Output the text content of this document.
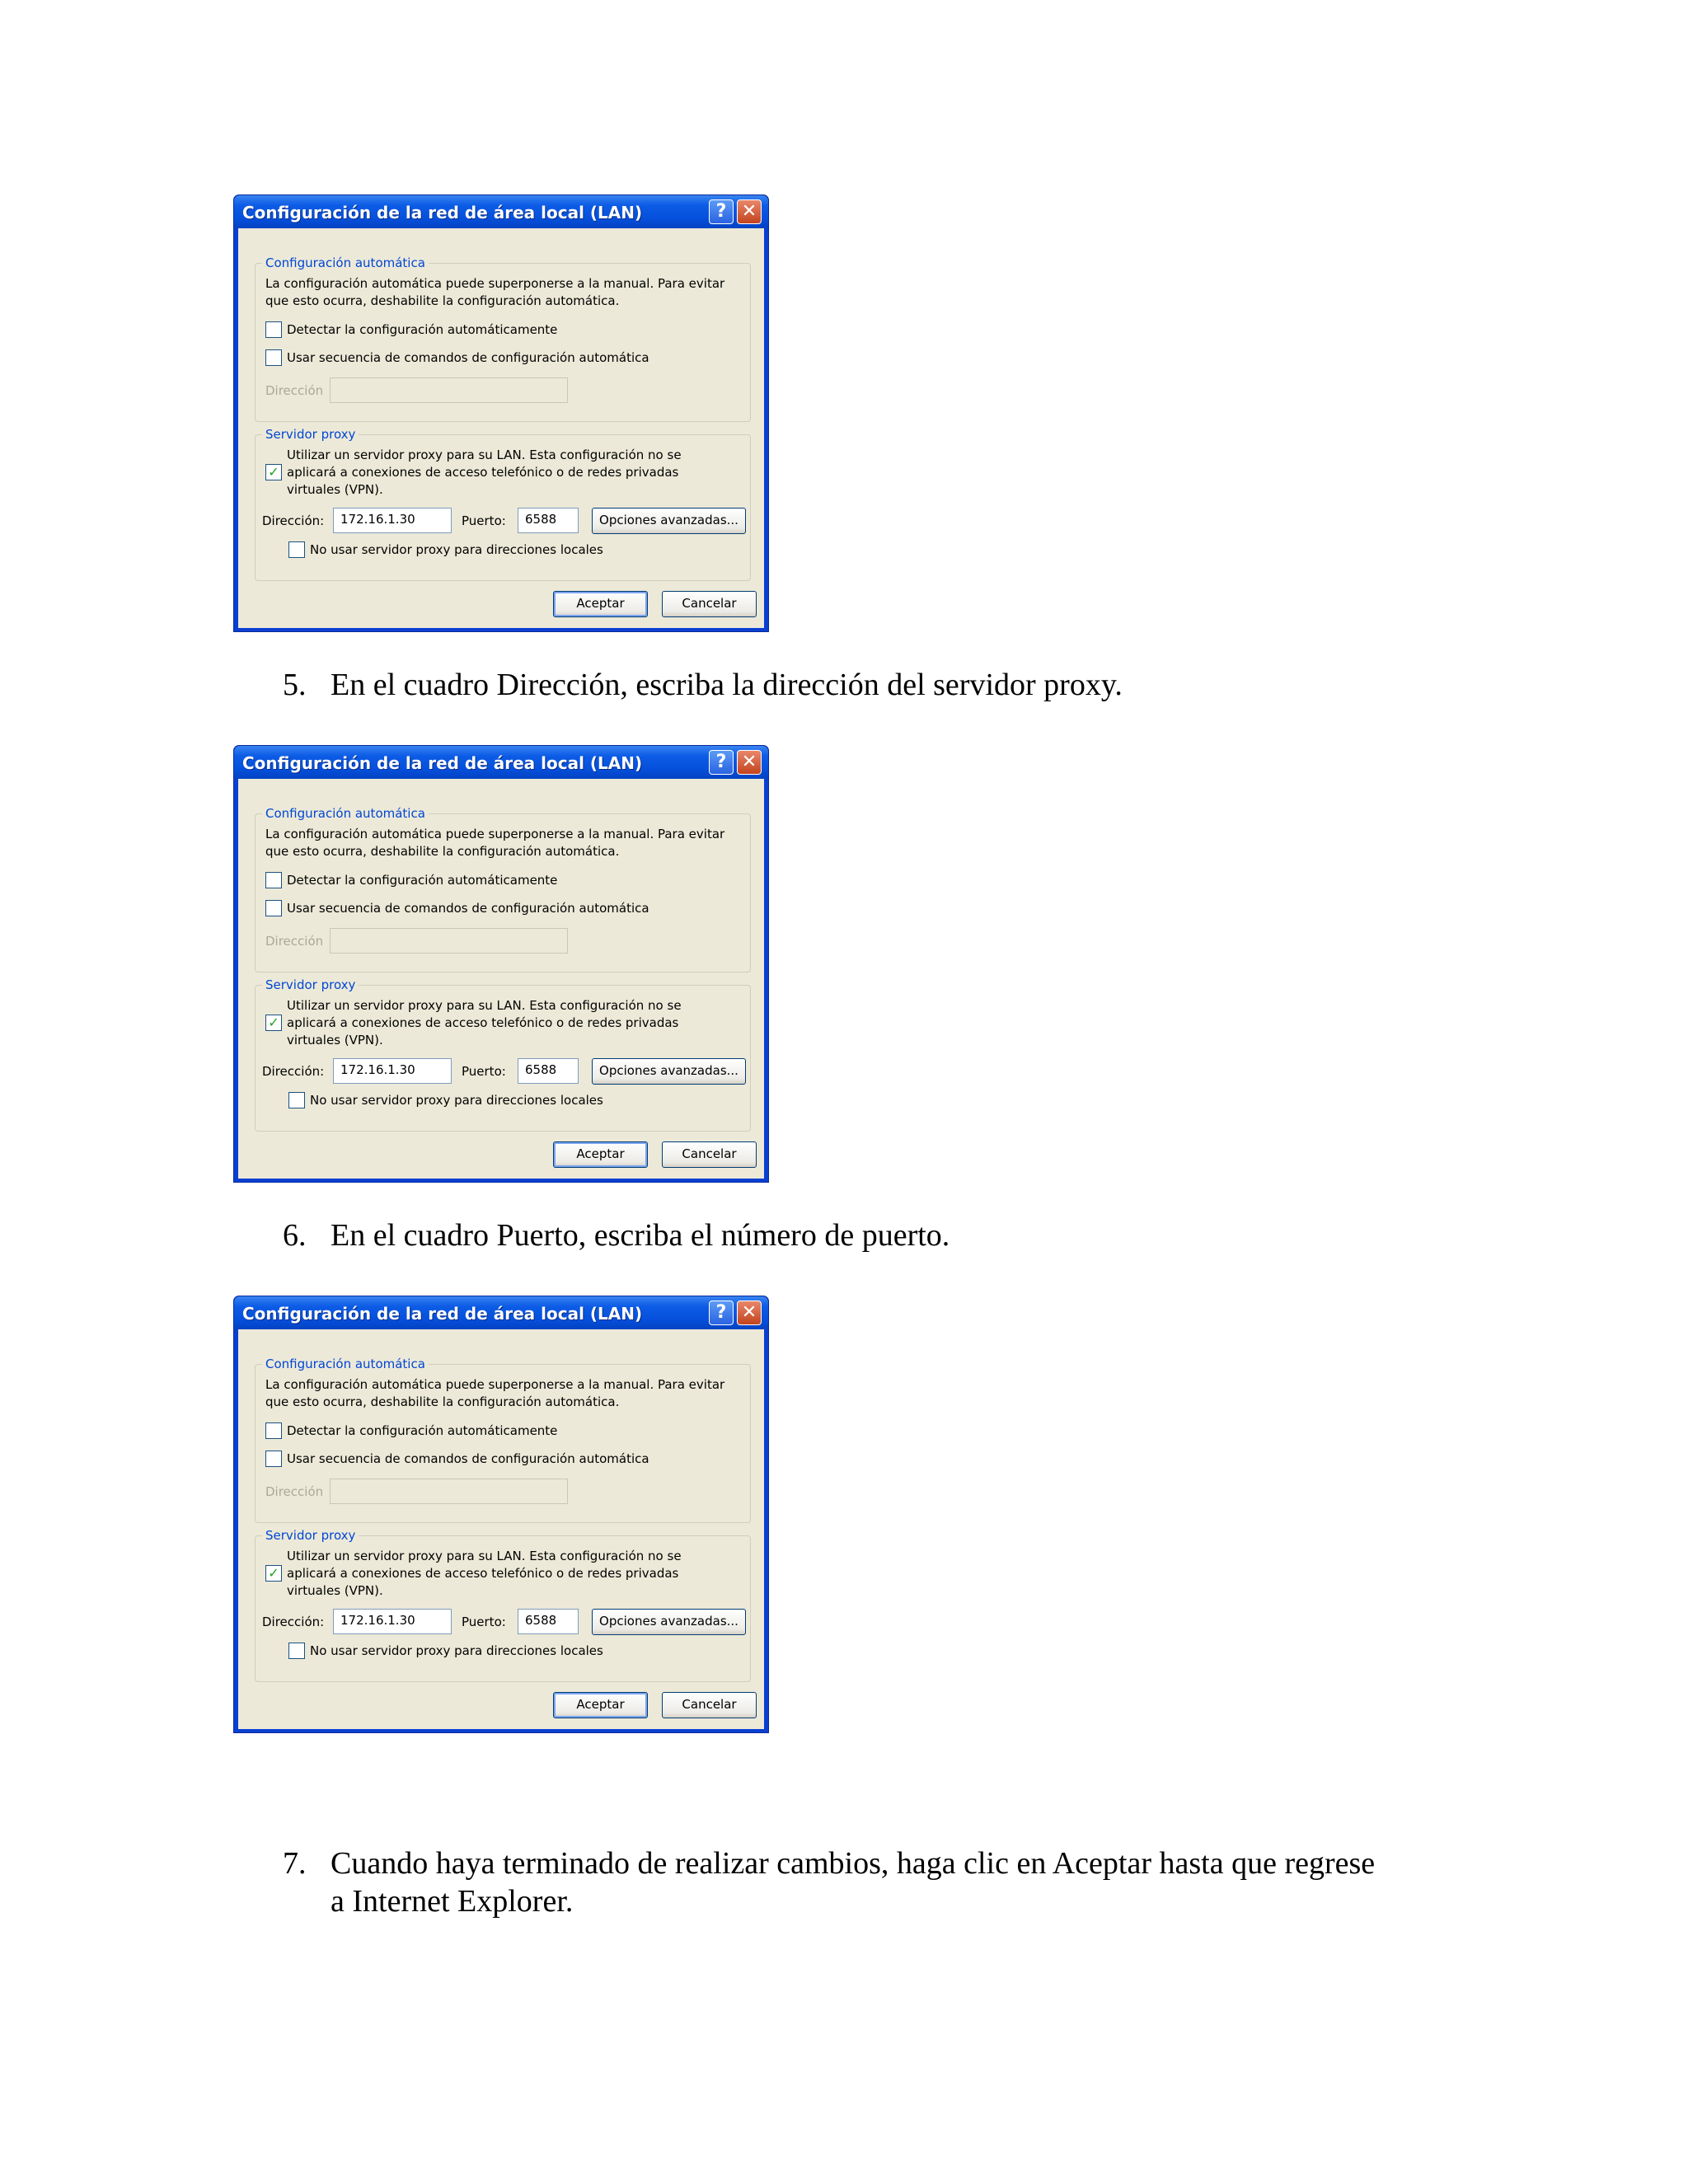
Configuración de la red de área local (LAN)	? ✕
Configuración automática
La configuración automática puede superponerse a la manual. Para evitar
que esto ocurra, deshabilite la configuración automática.
Detectar la configuración automáticamente
Usar secuencia de comandos de configuración automática
Dirección
Servidor proxy
Utilizar un servidor proxy para su LAN. Esta configuración no se
✓ aplicará a conexiones de acceso telefónico o de redes privadas
virtuales (VPN).
Dirección:	172.16.1.30	Puerto:	6588	Opciones avanzadas...
No usar servidor proxy para direcciones locales
Aceptar	Cancelar
5. En el cuadro Dirección, escriba la dirección del servidor proxy.
Configuración de la red de área local (LAN)	? ✕
Configuración automática
La configuración automática puede superponerse a la manual. Para evitar
que esto ocurra, deshabilite la configuración automática.
Detectar la configuración automáticamente
Usar secuencia de comandos de configuración automática
Dirección
Servidor proxy
Utilizar un servidor proxy para su LAN. Esta configuración no se
✓ aplicará a conexiones de acceso telefónico o de redes privadas
virtuales (VPN).
Dirección:	172.16.1.30	Puerto:	6588	Opciones avanzadas...
No usar servidor proxy para direcciones locales
Aceptar	Cancelar
6. En el cuadro Puerto, escriba el número de puerto.
Configuración de la red de área local (LAN)	? ✕
Configuración automática
La configuración automática puede superponerse a la manual. Para evitar
que esto ocurra, deshabilite la configuración automática.
Detectar la configuración automáticamente
Usar secuencia de comandos de configuración automática
Dirección
Servidor proxy
Utilizar un servidor proxy para su LAN. Esta configuración no se
✓ aplicará a conexiones de acceso telefónico o de redes privadas
virtuales (VPN).
Dirección:	172.16.1.30	Puerto:	6588	Opciones avanzadas...
No usar servidor proxy para direcciones locales
Aceptar	Cancelar
7. Cuando haya terminado de realizar cambios, haga clic en Aceptar hasta que regrese
a Internet Explorer.
